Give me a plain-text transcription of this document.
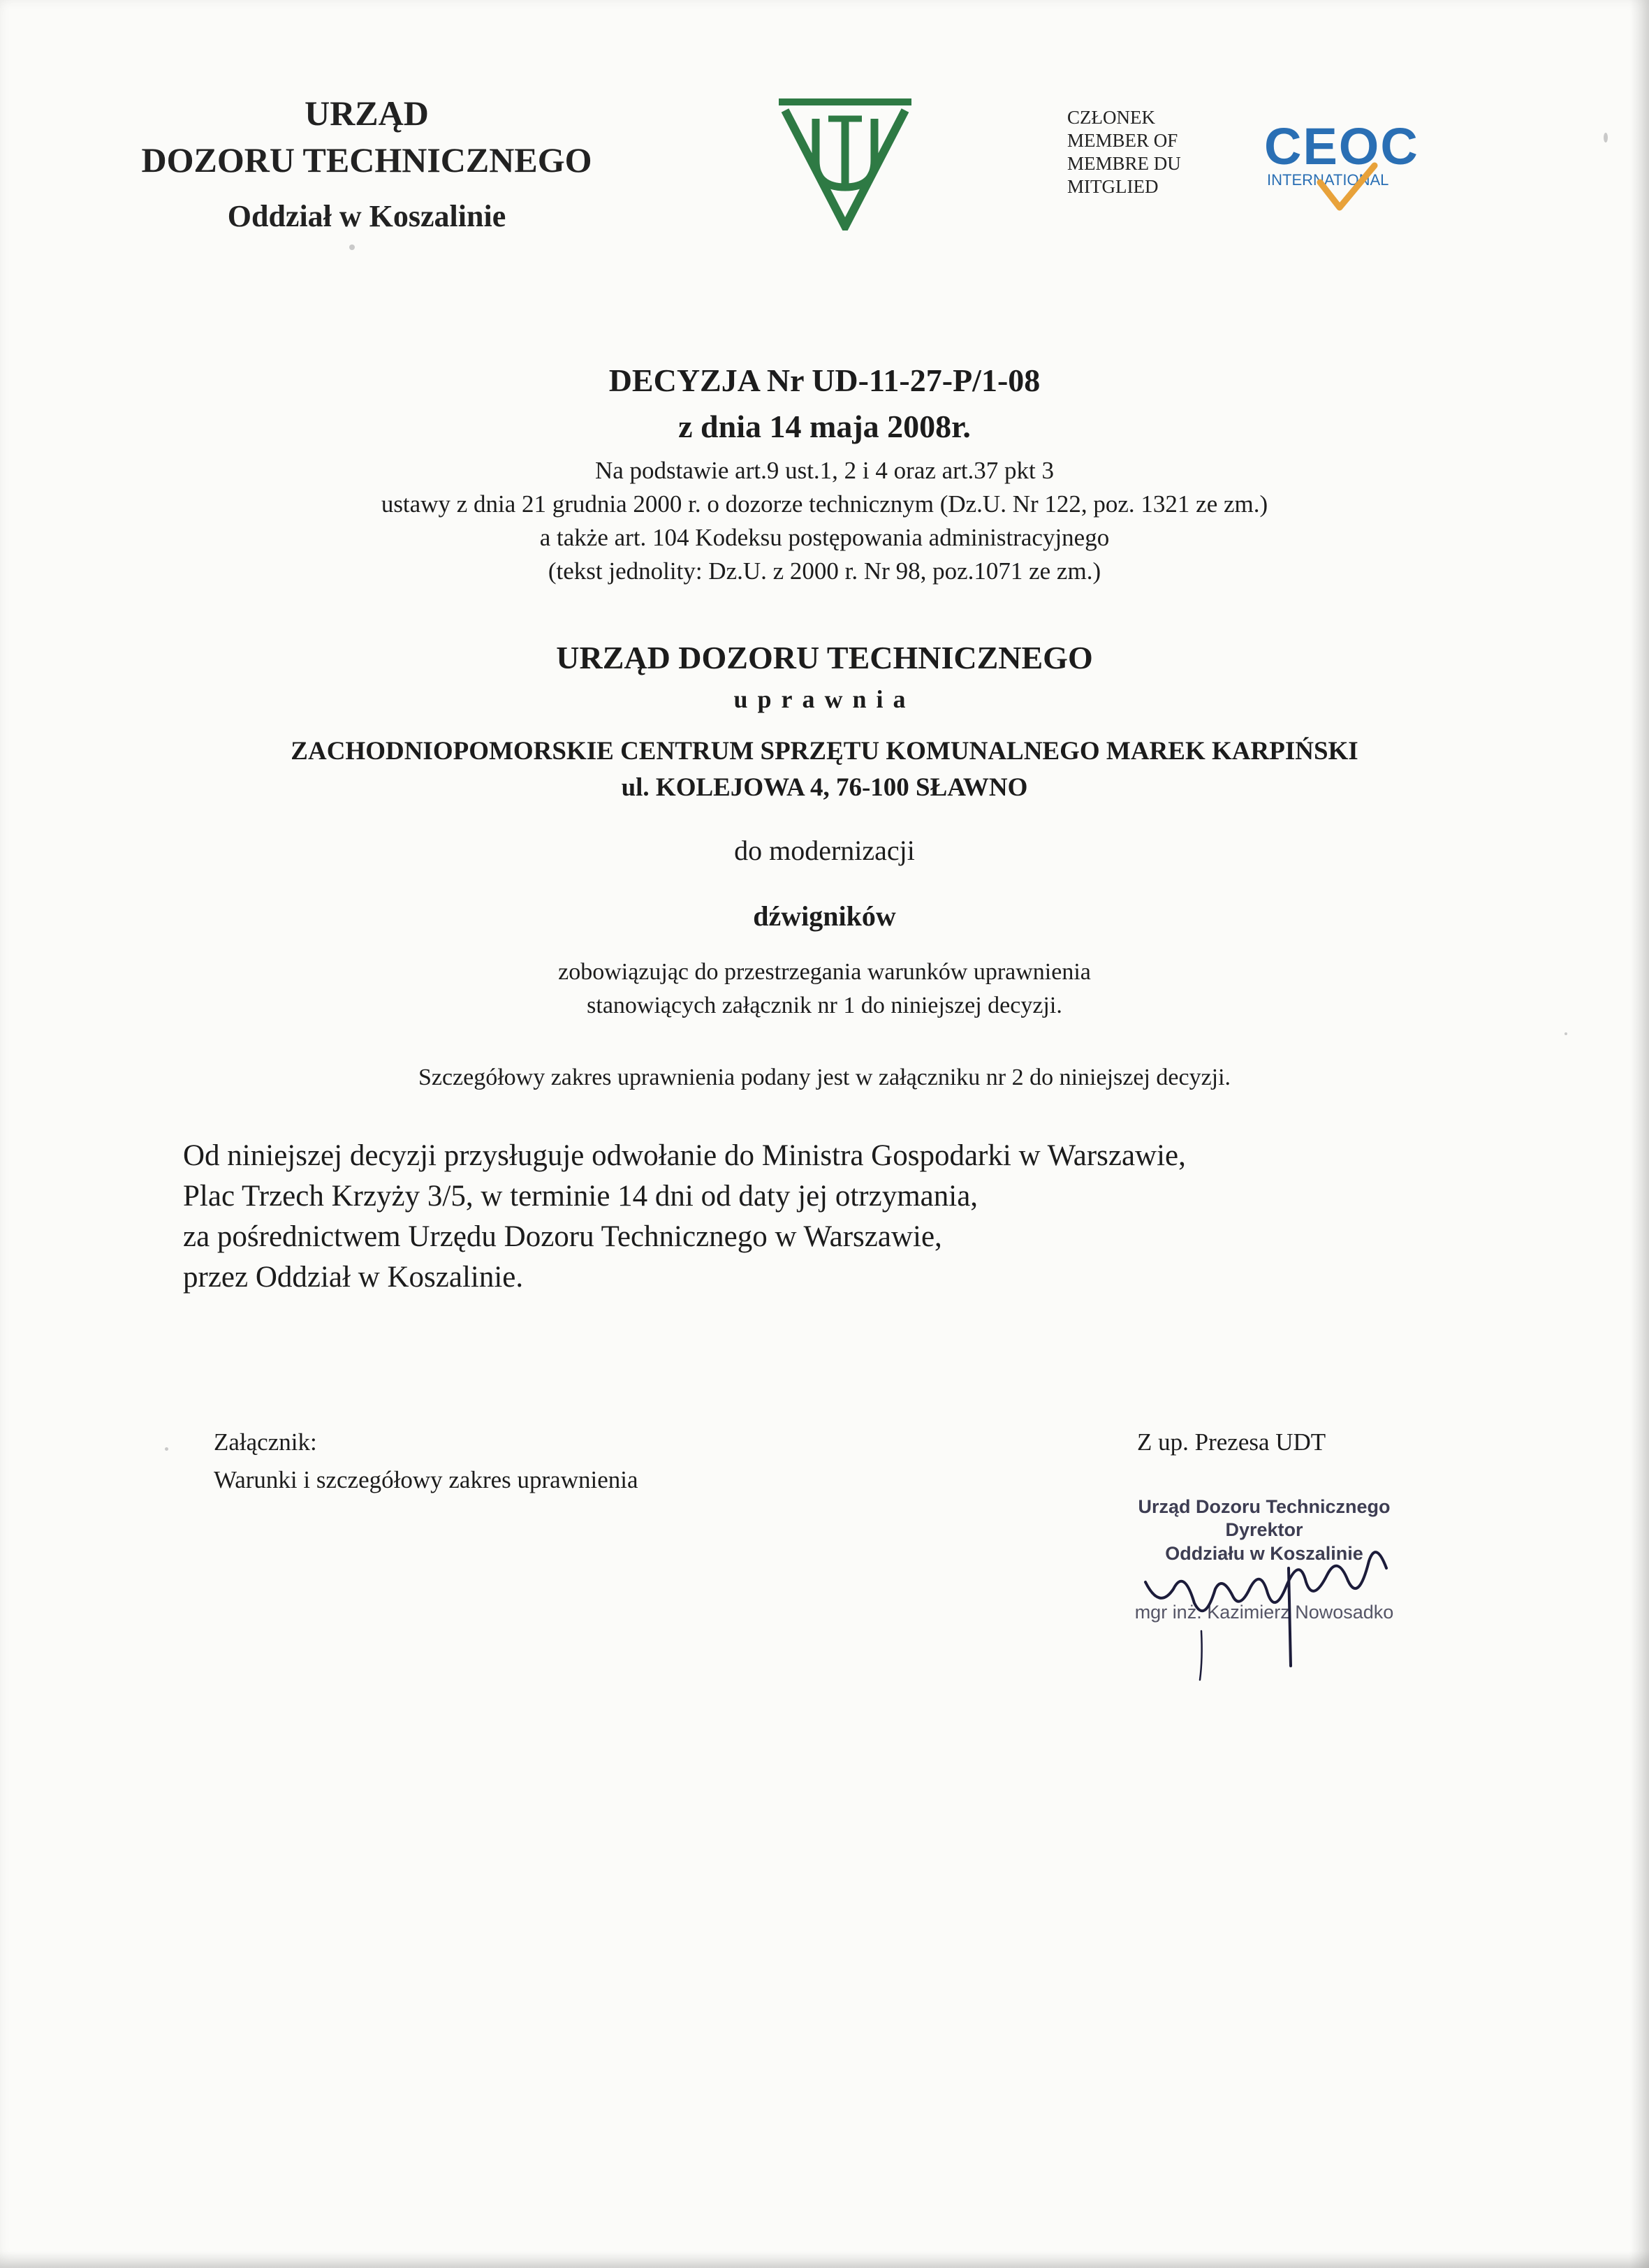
URZĄD
DOZORU TECHNICZNEGO
Oddział w Koszalinie
CZŁONEK
MEMBER OF
MEMBRE DU
MITGLIED
CEOC
INTERNATIONAL
DECYZJA Nr UD-11-27-P/1-08
z dnia 14 maja 2008r.
Na podstawie art.9 ust.1, 2 i 4 oraz art.37 pkt 3
ustawy z dnia 21 grudnia 2000 r. o dozorze technicznym (Dz.U. Nr 122, poz. 1321 ze zm.)
a także art. 104 Kodeksu postępowania administracyjnego
(tekst jednolity: Dz.U. z 2000 r. Nr 98, poz.1071 ze zm.)
URZĄD DOZORU TECHNICZNEGO
uprawnia
ZACHODNIOPOMORSKIE CENTRUM SPRZĘTU KOMUNALNEGO MAREK KARPIŃSKI
ul. KOLEJOWA 4, 76-100 SŁAWNO
do modernizacji
dźwigników
zobowiązując do przestrzegania warunków uprawnienia
stanowiących załącznik nr 1 do niniejszej decyzji.
Szczegółowy zakres uprawnienia podany jest w załączniku nr 2 do niniejszej decyzji.
Od niniejszej decyzji przysługuje odwołanie do Ministra Gospodarki w Warszawie,
Plac Trzech Krzyży 3/5, w terminie 14 dni od daty jej otrzymania,
za pośrednictwem Urzędu Dozoru Technicznego w Warszawie,
przez Oddział w Koszalinie.
Załącznik:
Warunki i szczegółowy zakres uprawnienia
Z up. Prezesa UDT
Urząd Dozoru Technicznego
Dyrektor
Oddziału w Koszalinie
mgr inż. Kazimierz Nowosadko
